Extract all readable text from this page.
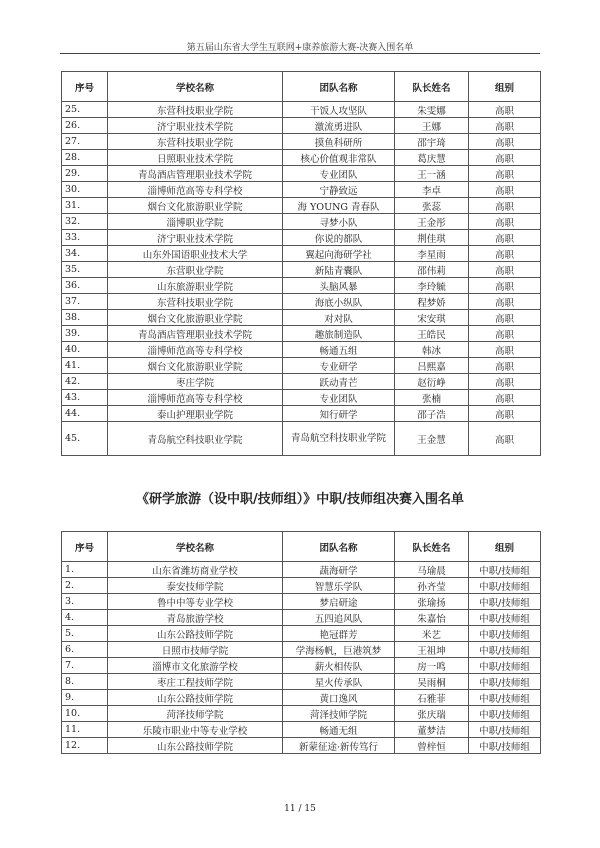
第五届山东省大学生互联网+康养旅游大赛-决赛入围名单
序号	学校名称	团队名称	队长姓名	组别
25.	东营科技职业学院	干饭人攻坚队	朱雯娜	高职
26.	济宁职业技术学院	激流勇进队	王娜	高职
27.	东营科技职业学院	摸鱼科研所	邵宇琦	高职
28.	日照职业技术学院	核心价值观非常队	葛庆慧	高职
29.	青岛酒店管理职业技术学院	专业团队	王一涵	高职
30.	淄博师范高等专科学校	宁静致远	李卓	高职
31.	烟台文化旅游职业学院	海 YOUNG 青春队	张蕊	高职
32.	淄博职业学院	寻梦小队	王金彤	高职
33.	济宁职业技术学院	你说的都队	荆佳琪	高职
34.	山东外国语职业技术大学	翼起向海研学社	李星雨	高职
35.	东营职业学院	新陆青囊队	邵伟莉	高职
36.	山东旅游职业学院	头脑风暴	李玲毓	高职
37.	东营科技职业学院	海底小纵队	程梦娇	高职
38.	烟台文化旅游职业学院	对对队	宋安琪	高职
39.	青岛酒店管理职业技术学院	趣旅制造队	王皓民	高职
40.	淄博师范高等专科学校	畅通五组	韩冰	高职
41.	烟台文化旅游职业学院	专业研学	吕熙嘉	高职
42.	枣庄学院	跃动青芒	赵衍峥	高职
43.	淄博师范高等专科学校	专业团队	张楠	高职
44.	泰山护理职业学院	知行研学	邵子浩	高职
45.	青岛航空科技职业学院	青岛航空科技职业学院	王金慧	高职
《研学旅游（设中职/技师组）》中职/技师组决赛入围名单
序号	学校名称	团队名称	队长姓名	组别
1.	山东省潍坊商业学校	蔬海研学	马瑜晨	中职/技师组
2.	泰安技师学院	智慧乐学队	孙齐莹	中职/技师组
3.	鲁中中等专业学校	梦启研途	张瑜扬	中职/技师组
4.	青岛旅游学校	五四追风队	朱嘉怡	中职/技师组
5.	山东公路技师学院	艳冠群芳	米艺	中职/技师组
6.	日照市技师学院	学海杨帆，巨港筑梦	王祖坤	中职/技师组
7.	淄博市文化旅游学校	薪火相传队	房一鸣	中职/技师组
8.	枣庄工程技师学院	星火传承队	吴雨桐	中职/技师组
9.	山东公路技师学院	黄口逸风	石雅菲	中职/技师组
10.	菏泽技师学院	菏泽技师学院	张庆瑞	中职/技师组
11.	乐陵市职业中等专业学校	畅通无组	董梦洁	中职/技师组
12.	山东公路技师学院	新蒙征途·新传笃行	曾梓恒	中职/技师组
11 / 15
